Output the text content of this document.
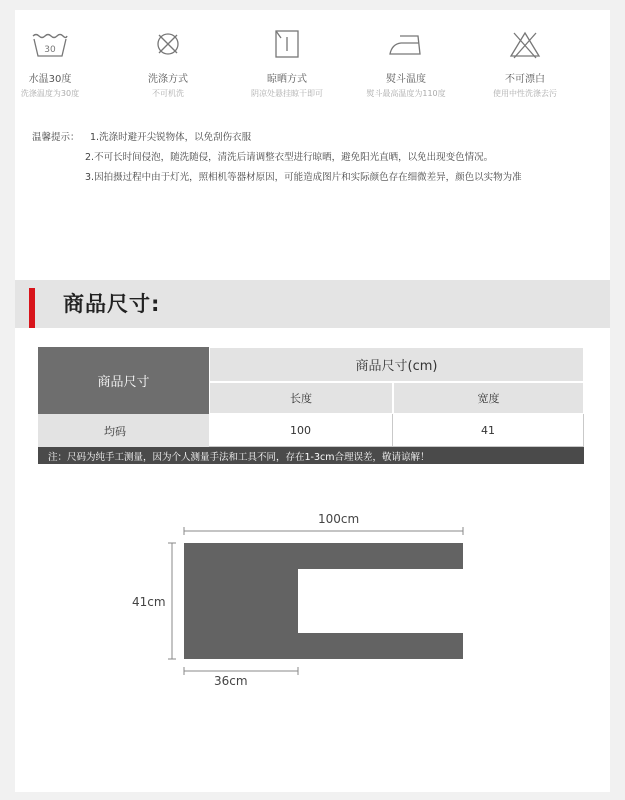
30
水温30度
洗涤温度为30度
洗涤方式
不可机洗
晾晒方式
阴凉处悬挂晾干即可
熨斗温度
熨斗最高温度为110度
不可漂白
使用中性洗涤去污
温馨提示： 1.洗涤时避开尖锐物体，以免刮伤衣服
2.不可长时间侵泡，随洗随侵，清洗后请调整衣型进行晾晒，避免阳光直晒，以免出现变色情况。
3.因拍摄过程中由于灯光，照相机等器材原因，可能造成图片和实际颜色存在细微差异，颜色以实物为准
商品尺寸:
商品尺寸
商品尺寸(cm)
长度	宽度
均码	100	41
注：尺码为纯手工测量，因为个人测量手法和工具不同，存在1-3cm合理误差，敬请谅解！
100cm
41cm
36cm
